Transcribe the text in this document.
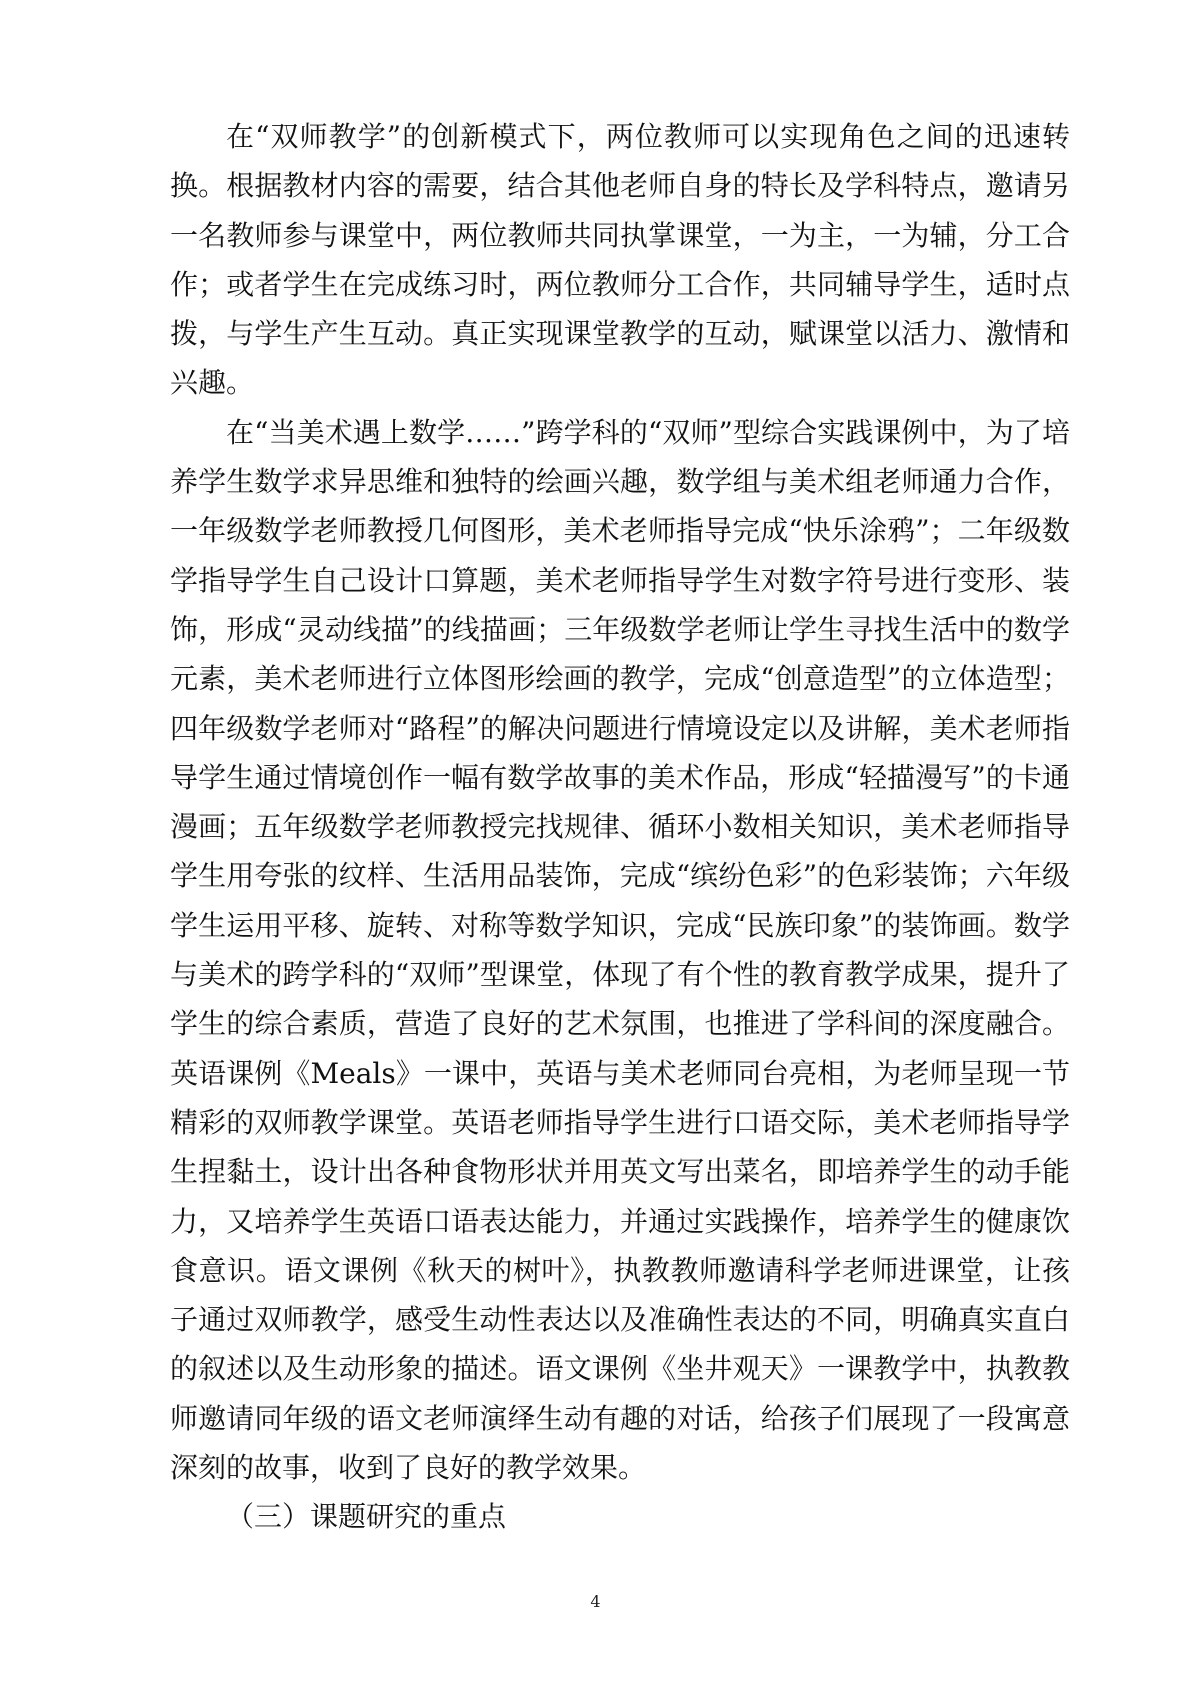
在“双师教学”的创新模式下，两位教师可以实现角色之间的迅速转换。根据教材内容的需要，结合其他老师自身的特长及学科特点，邀请另一名教师参与课堂中，两位教师共同执掌课堂，一为主，一为辅，分工合作；或者学生在完成练习时，两位教师分工合作，共同辅导学生，适时点拨，与学生产生互动。真正实现课堂教学的互动，赋课堂以活力、激情和兴趣。

在“当美术遇上数学……”跨学科的“双师”型综合实践课例中，为了培养学生数学求异思维和独特的绘画兴趣，数学组与美术组老师通力合作，一年级数学老师教授几何图形，美术老师指导完成“快乐涂鸦”；二年级数学指导学生自己设计口算题，美术老师指导学生对数字符号进行变形、装饰，形成“灵动线描”的线描画；三年级数学老师让学生寻找生活中的数学元素，美术老师进行立体图形绘画的教学，完成“创意造型”的立体造型；四年级数学老师对“路程”的解决问题进行情境设定以及讲解，美术老师指导学生通过情境创作一幅有数学故事的美术作品，形成“轻描漫写”的卡通漫画；五年级数学老师教授完找规律、循环小数相关知识，美术老师指导学生用夸张的纹样、生活用品装饰，完成“缤纷色彩”的色彩装饰；六年级学生运用平移、旋转、对称等数学知识，完成“民族印象”的装饰画。数学与美术的跨学科的“双师”型课堂，体现了有个性的教育教学成果，提升了学生的综合素质，营造了良好的艺术氛围，也推进了学科间的深度融合。英语课例《Meals》一课中，英语与美术老师同台亮相，为老师呈现一节精彩的双师教学课堂。英语老师指导学生进行口语交际，美术老师指导学生捏黏土，设计出各种食物形状并用英文写出菜名，即培养学生的动手能力，又培养学生英语口语表达能力，并通过实践操作，培养学生的健康饮食意识。语文课例《秋天的树叶》，执教教师邀请科学老师进课堂，让孩子通过双师教学，感受生动性表达以及准确性表达的不同，明确真实直白的叙述以及生动形象的描述。语文课例《坐井观天》一课教学中，执教教师邀请同年级的语文老师演绎生动有趣的对话，给孩子们展现了一段寓意深刻的故事，收到了良好的教学效果。

（三）课题研究的重点

4
